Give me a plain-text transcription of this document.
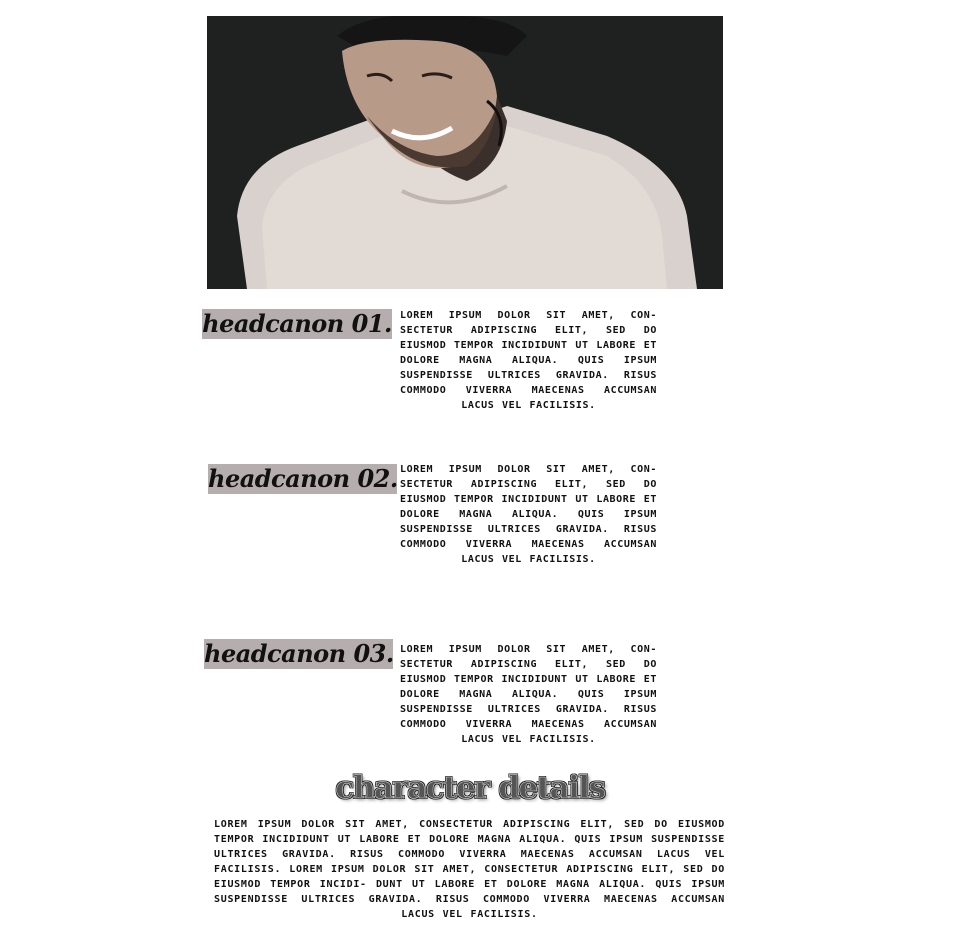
headcanon 01. LOREM IPSUM DOLOR SIT AMET, CON- SECTETUR ADIPISCING ELIT, SED DO EIUSMOD TEMPOR INCIDIDUNT UT LABORE ET DOLORE MAGNA ALIQUA. QUIS IPSUM SUSPENDISSE ULTRICES GRAVIDA. RISUS COMMODO VIVERRA MAECENAS ACCUMSAN LACUS VEL FACILISIS.
headcanon 02. LOREM IPSUM DOLOR SIT AMET, CON- SECTETUR ADIPISCING ELIT, SED DO EIUSMOD TEMPOR INCIDIDUNT UT LABORE ET DOLORE MAGNA ALIQUA. QUIS IPSUM SUSPENDISSE ULTRICES GRAVIDA. RISUS COMMODO VIVERRA MAECENAS ACCUMSAN LACUS VEL FACILISIS.
headcanon 03. LOREM IPSUM DOLOR SIT AMET, CON- SECTETUR ADIPISCING ELIT, SED DO EIUSMOD TEMPOR INCIDIDUNT UT LABORE ET DOLORE MAGNA ALIQUA. QUIS IPSUM SUSPENDISSE ULTRICES GRAVIDA. RISUS COMMODO VIVERRA MAECENAS ACCUMSAN LACUS VEL FACILISIS.
character details
LOREM IPSUM DOLOR SIT AMET, CONSECTETUR ADIPISCING ELIT, SED DO EIUSMOD TEMPOR INCIDIDUNT UT LABORE ET DOLORE MAGNA ALIQUA. QUIS IPSUM SUSPENDISSE ULTRICES GRAVIDA. RISUS COMMODO VIVERRA MAECENAS ACCUMSAN LACUS VEL FACILISIS. LOREM IPSUM DOLOR SIT AMET, CONSECTETUR ADIPISCING ELIT, SED DO EIUSMOD TEMPOR INCIDI- DUNT UT LABORE ET DOLORE MAGNA ALIQUA. QUIS IPSUM SUSPENDISSE ULTRICES GRAVIDA. RISUS COMMODO VIVERRA MAECENAS ACCUMSAN LACUS VEL FACILISIS.
